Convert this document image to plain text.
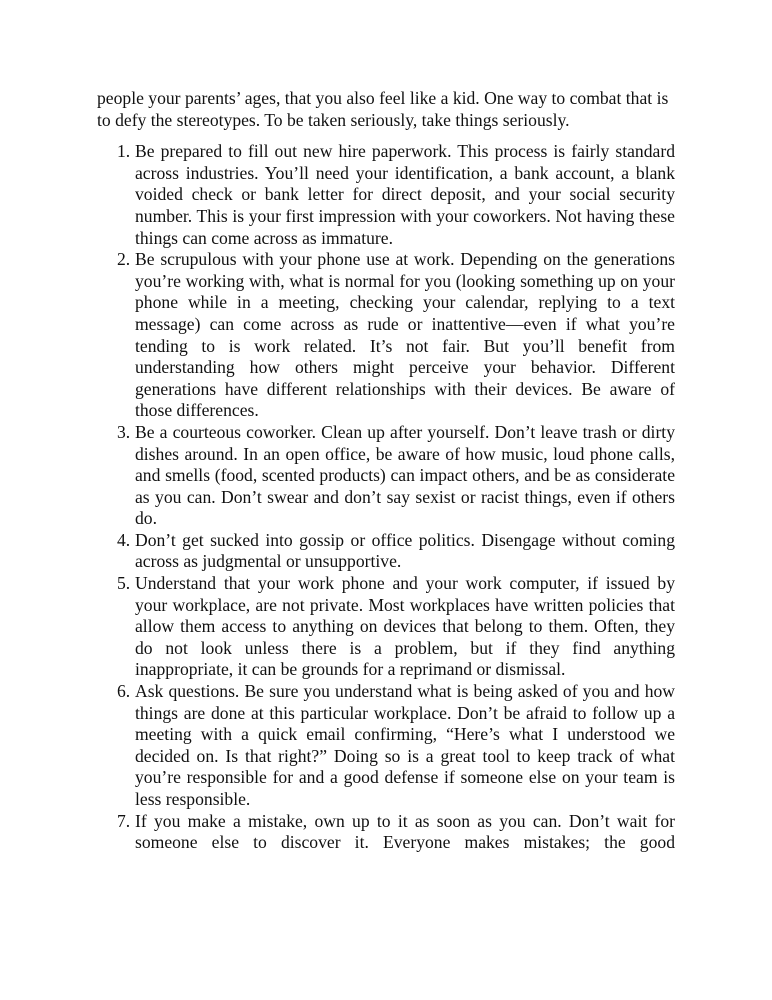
people your parents’ ages, that you also feel like a kid. One way to combat that is to defy the stereotypes. To be taken seriously, take things seriously.

1. Be prepared to fill out new hire paperwork. This process is fairly standard across industries. You’ll need your identification, a bank account, a blank voided check or bank letter for direct deposit, and your social security number. This is your first impression with your coworkers. Not having these things can come across as immature.
2. Be scrupulous with your phone use at work. Depending on the generations you’re working with, what is normal for you (looking something up on your phone while in a meeting, checking your calendar, replying to a text message) can come across as rude or inattentive—even if what you’re tending to is work related. It’s not fair. But you’ll benefit from understanding how others might perceive your behavior. Different generations have different relationships with their devices. Be aware of those differences.
3. Be a courteous coworker. Clean up after yourself. Don’t leave trash or dirty dishes around. In an open office, be aware of how music, loud phone calls, and smells (food, scented products) can impact others, and be as considerate as you can. Don’t swear and don’t say sexist or racist things, even if others do.
4. Don’t get sucked into gossip or office politics. Disengage without coming across as judgmental or unsupportive.
5. Understand that your work phone and your work computer, if issued by your workplace, are not private. Most workplaces have written policies that allow them access to anything on devices that belong to them. Often, they do not look unless there is a problem, but if they find anything inappropriate, it can be grounds for a reprimand or dismissal.
6. Ask questions. Be sure you understand what is being asked of you and how things are done at this particular workplace. Don’t be afraid to follow up a meeting with a quick email confirming, “Here’s what I understood we decided on. Is that right?” Doing so is a great tool to keep track of what you’re responsible for and a good defense if someone else on your team is less responsible.
7. If you make a mistake, own up to it as soon as you can. Don’t wait for someone else to discover it. Everyone makes mistakes; the good
